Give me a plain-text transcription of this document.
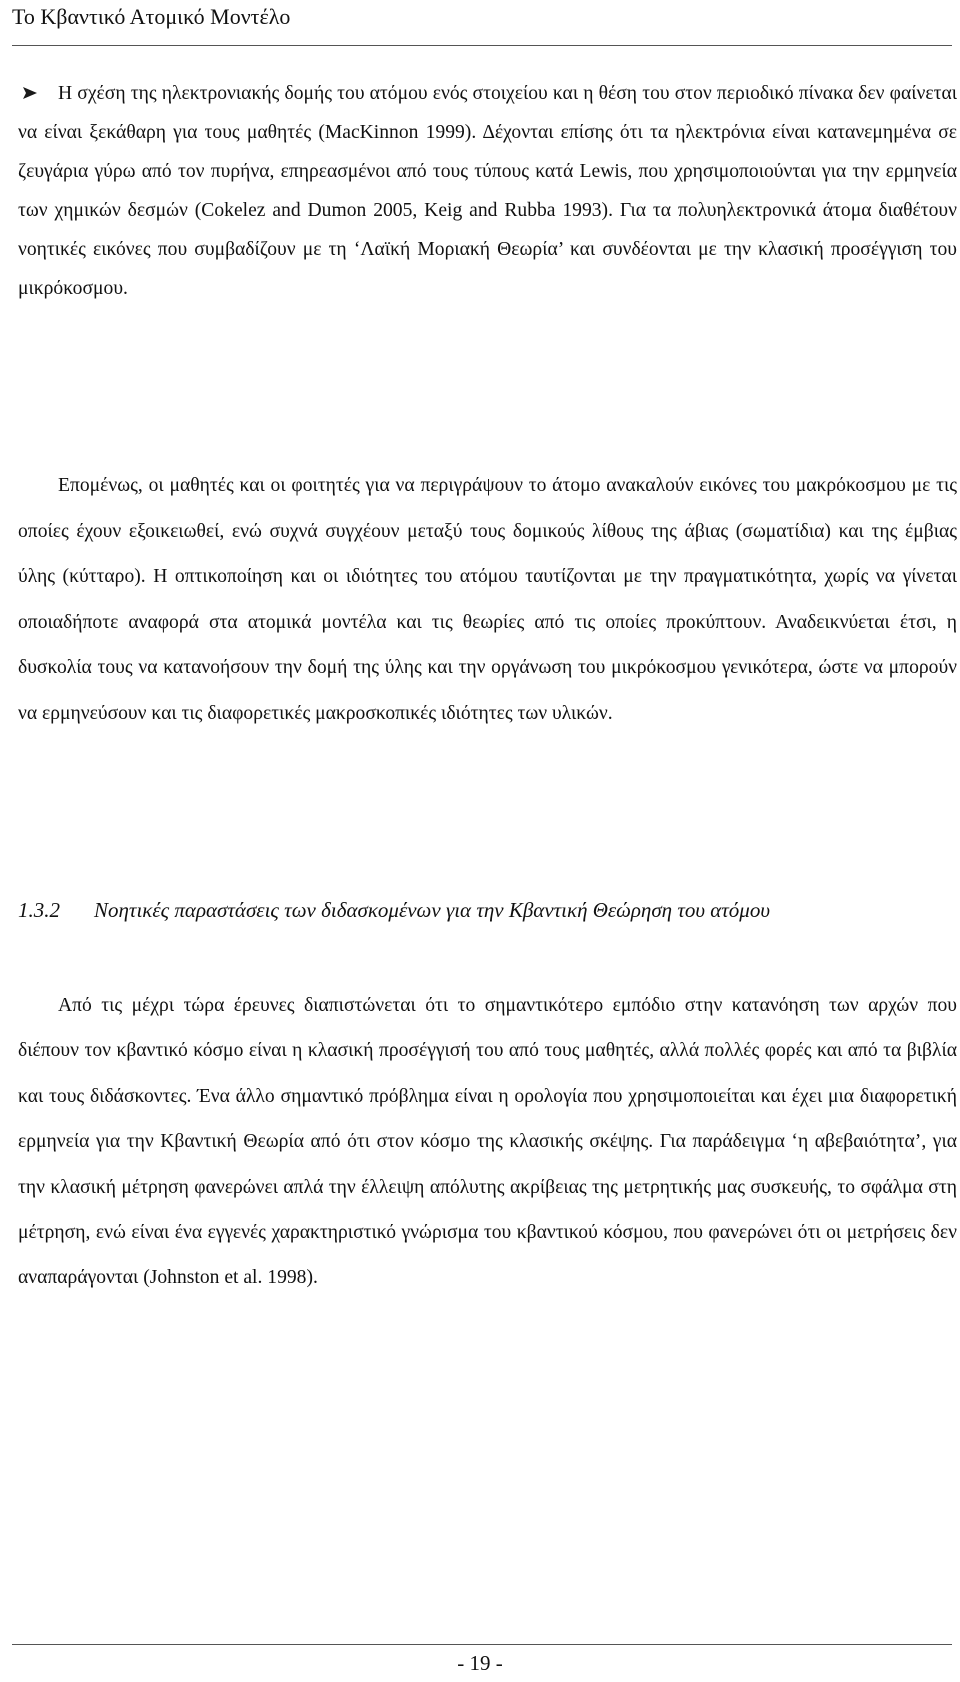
Το Κβαντικό Ατομικό Μοντέλο

Η σχέση της ηλεκτρονιακής δομής του ατόμου ενός στοιχείου και η θέση του στον περιοδικό πίνακα δεν φαίνεται να είναι ξεκάθαρη για τους μαθητές (MacKinnon 1999). Δέχονται επίσης ότι τα ηλεκτρόνια είναι κατανεμημένα σε ζευγάρια γύρω από τον πυρήνα, επηρεασμένοι από τους τύπους κατά Lewis, που χρησιμοποιούνται για την ερμηνεία των χημικών δεσμών (Cokelez and Dumon 2005, Keig and Rubba 1993). Για τα πολυηλεκτρονικά άτομα διαθέτουν νοητικές εικόνες που συμβαδίζουν με τη ‘Λαϊκή Μοριακή Θεωρία’ και συνδέονται με την κλασική προσέγγιση του μικρόκοσμου.

Επομένως, οι μαθητές και οι φοιτητές για να περιγράψουν το άτομο ανακαλούν εικόνες του μακρόκοσμου με τις οποίες έχουν εξοικειωθεί, ενώ συχνά συγχέουν μεταξύ τους δομικούς λίθους της άβιας (σωματίδια) και της έμβιας ύλης (κύτταρο). Η οπτικοποίηση και οι ιδιότητες του ατόμου ταυτίζονται με την πραγματικότητα, χωρίς να γίνεται οποιαδήποτε αναφορά στα ατομικά μοντέλα και τις θεωρίες από τις οποίες προκύπτουν. Αναδεικνύεται έτσι, η δυσκολία τους να κατανοήσουν την δομή της ύλης και την οργάνωση του μικρόκοσμου γενικότερα, ώστε να μπορούν να ερμηνεύσουν και τις διαφορετικές μακροσκοπικές ιδιότητες των υλικών.

1.3.2 Νοητικές παραστάσεις των διδασκομένων για την Κβαντική Θεώρηση του ατόμου

Από τις μέχρι τώρα έρευνες διαπιστώνεται ότι το σημαντικότερο εμπόδιο στην κατανόηση των αρχών που διέπουν τον κβαντικό κόσμο είναι η κλασική προσέγγισή του από τους μαθητές, αλλά πολλές φορές και από τα βιβλία και τους διδάσκοντες. Ένα άλλο σημαντικό πρόβλημα είναι η ορολογία που χρησιμοποιείται και έχει μια διαφορετική ερμηνεία για την Κβαντική Θεωρία από ότι στον κόσμο της κλασικής σκέψης. Για παράδειγμα ‘η αβεβαιότητα’, για την κλασική μέτρηση φανερώνει απλά την έλλειψη απόλυτης ακρίβειας της μετρητικής μας συσκευής, το σφάλμα στη μέτρηση, ενώ είναι ένα εγγενές χαρακτηριστικό γνώρισμα του κβαντικού κόσμου, που φανερώνει ότι οι μετρήσεις δεν αναπαράγονται (Johnston et al. 1998).

- 19 -
